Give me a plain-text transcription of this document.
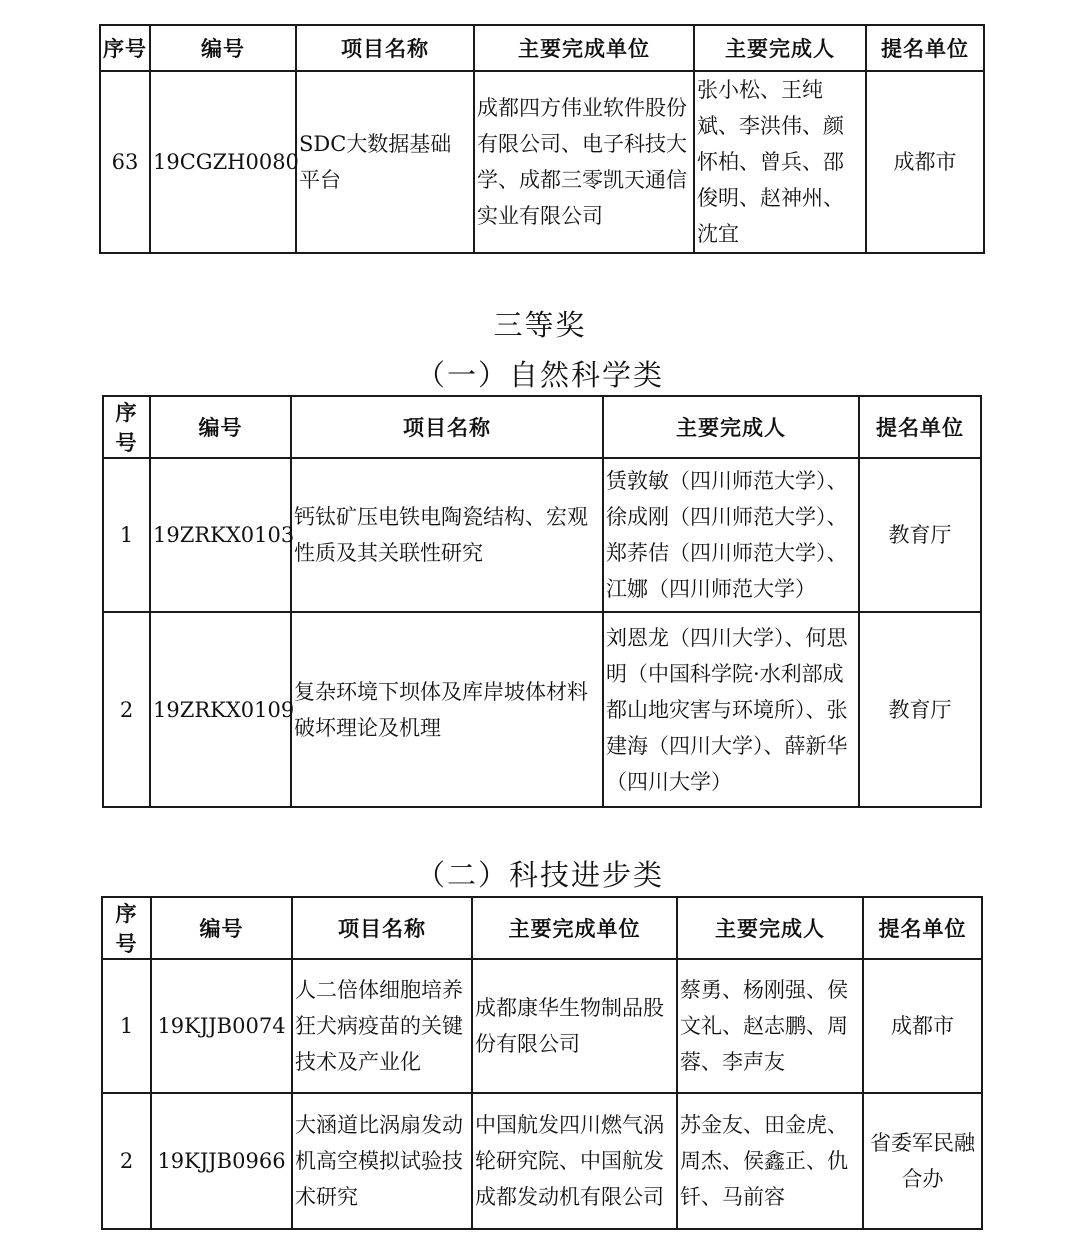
序号	编号	项目名称	主要完成单位	主要完成人	提名单位
63	19CGZH0080	SDC大数据基础平台	成都四方伟业软件股份有限公司、电子科技大学、成都三零凯天通信实业有限公司	张小松、王纯斌、李洪伟、颜怀柏、曾兵、邵俊明、赵神州、沈宜	成都市
三等奖
（一）自然科学类
序号	编号	项目名称	主要完成人	提名单位
1	19ZRKX0103	钙钛矿压电铁电陶瓷结构、宏观性质及其关联性研究	赁敦敏（四川师范大学）、徐成刚（四川师范大学）、郑荞佶（四川师范大学）、江娜（四川师范大学）	教育厅
2	19ZRKX0109	复杂环境下坝体及库岸坡体材料破坏理论及机理	刘恩龙（四川大学）、何思明（中国科学院·水利部成都山地灾害与环境所）、张建海（四川大学）、薛新华（四川大学）	教育厅
（二）科技进步类
序号	编号	项目名称	主要完成单位	主要完成人	提名单位
1	19KJJB0074	人二倍体细胞培养狂犬病疫苗的关键技术及产业化	成都康华生物制品股份有限公司	蔡勇、杨刚强、侯文礼、赵志鹏、周蓉、李声友	成都市
2	19KJJB0966	大涵道比涡扇发动机高空模拟试验技术研究	中国航发四川燃气涡轮研究院、中国航发成都发动机有限公司	苏金友、田金虎、周杰、侯鑫正、仇钎、马前容	省委军民融合办
